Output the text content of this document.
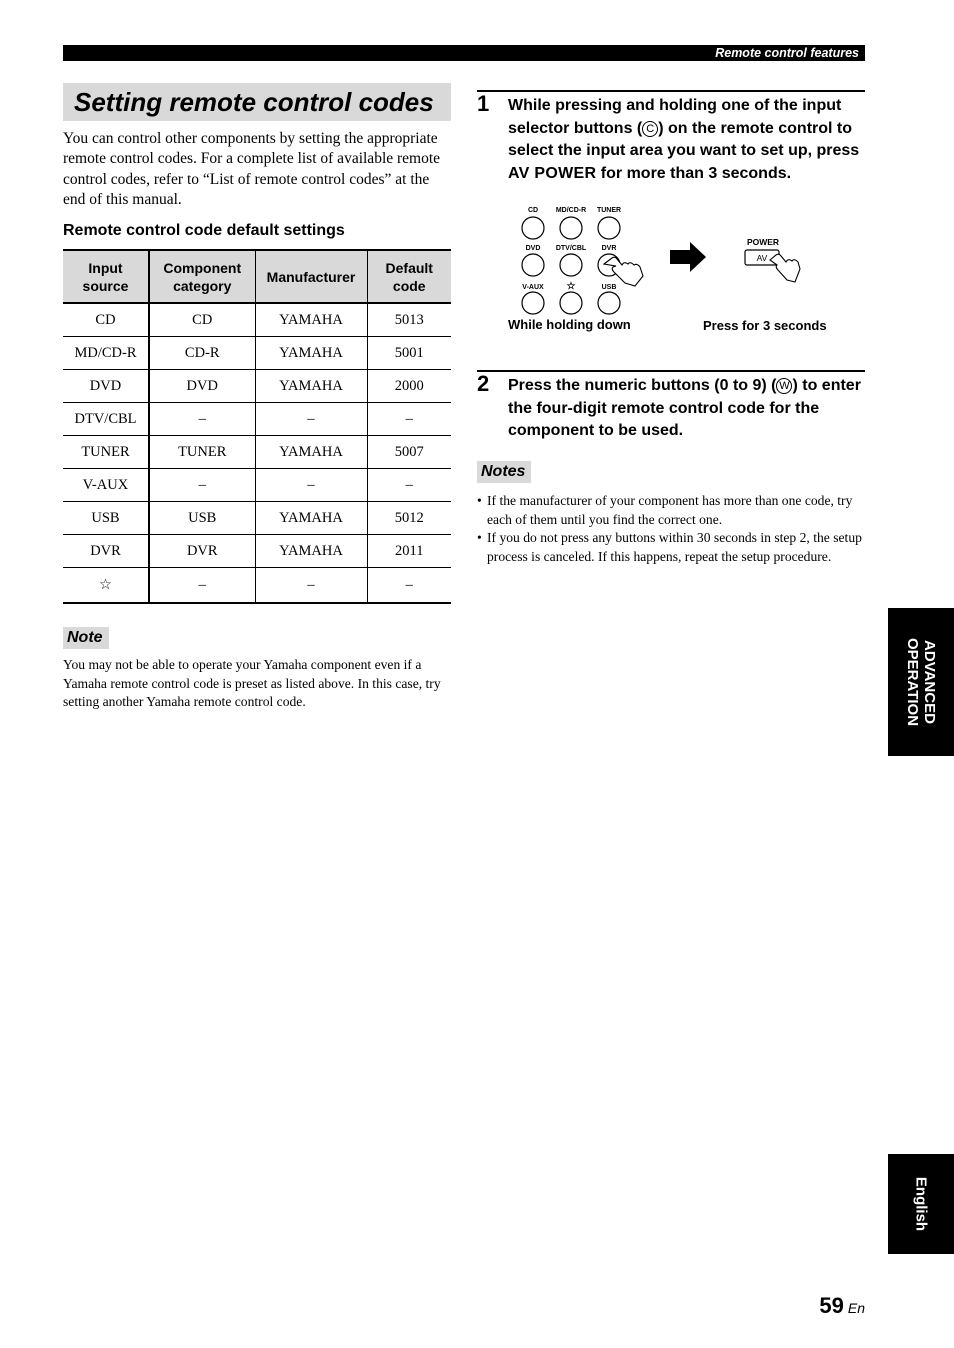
Remote control features
Setting remote control codes
You can control other components by setting the appropriate remote control codes. For a complete list of available remote control codes, refer to “List of remote control codes” at the end of this manual.
Remote control code default settings
Input source	Component category	Manufacturer	Default code
CD	CD	YAMAHA	5013
MD/CD-R	CD-R	YAMAHA	5001
DVD	DVD	YAMAHA	2000
DTV/CBL	–	–	–
TUNER	TUNER	YAMAHA	5007
V-AUX	–	–	–
USB	USB	YAMAHA	5012
DVR	DVR	YAMAHA	2011
☆	–	–	–
Note
You may not be able to operate your Yamaha component even if a Yamaha remote control code is preset as listed above. In this case, try setting another Yamaha remote control code.
1 While pressing and holding one of the input selector buttons ( C ) on the remote control to select the input area you want to set up, press AV POWER for more than 3 seconds.
CD	MD/CD-R TUNER
DVD DTV/CBL DVR
V-AUX ☆	USB
POWER
AV
While holding down	Press for 3 seconds
2 Press the numeric buttons (0 to 9) ( W ) to enter the four-digit remote control code for the component to be used.
Notes
• If the manufacturer of your component has more than one code, try each of them until you find the correct one.
• If you do not press any buttons within 30 seconds in step 2, the setup process is canceled. If this happens, repeat the setup procedure.
ADVANCED
OPERATION
English
59 En
